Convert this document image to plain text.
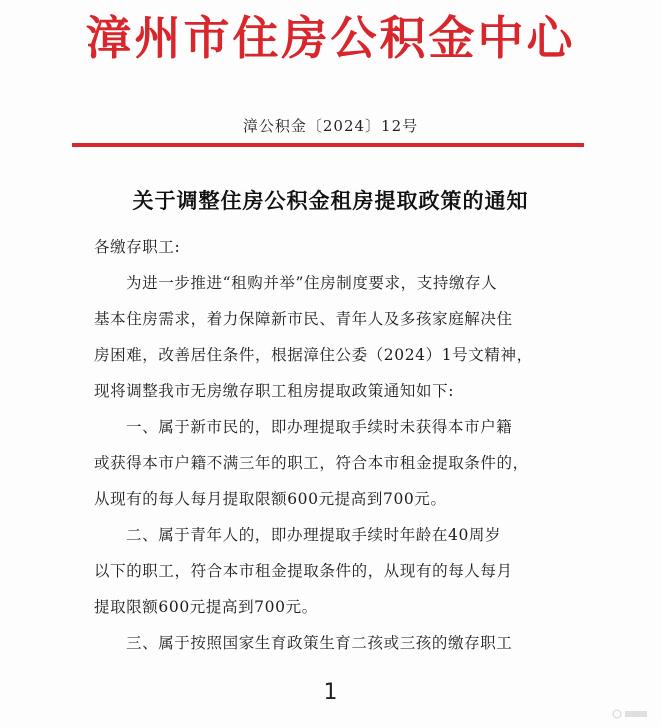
漳州市住房公积金中心
漳公积金〔2024〕12号
关于调整住房公积金租房提取政策的通知
各缴存职工:
为进一步推进“租购并举”住房制度要求，支持缴存人
基本住房需求，着力保障新市民、青年人及多孩家庭解决住
房困难，改善居住条件，根据漳住公委（2024）1号文精神，
现将调整我市无房缴存职工租房提取政策通知如下:
一、属于新市民的，即办理提取手续时未获得本市户籍
或获得本市户籍不满三年的职工，符合本市租金提取条件的，
从现有的每人每月提取限额600元提高到700元。
二、属于青年人的，即办理提取手续时年龄在40周岁
以下的职工，符合本市租金提取条件的，从现有的每人每月
提取限额600元提高到700元。
三、属于按照国家生育政策生育二孩或三孩的缴存职工
1
